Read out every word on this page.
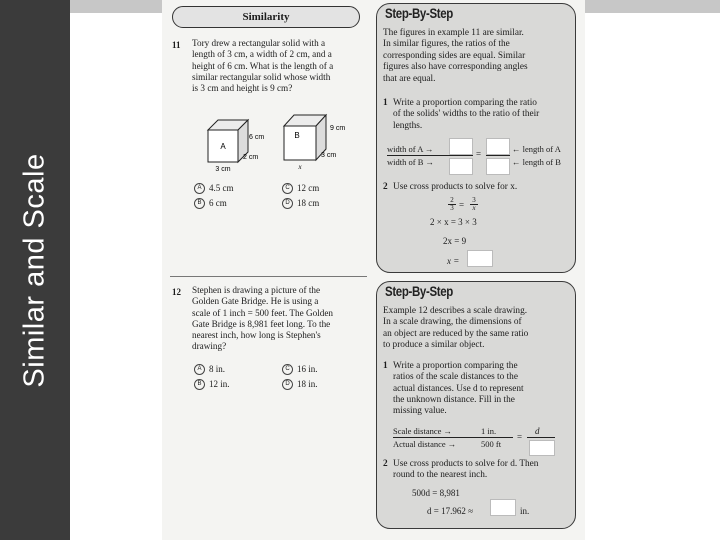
Similar and Scale
Similarity
11 Tory drew a rectangular solid with a
length of 3 cm, a width of 2 cm, and a
height of 6 cm. What is the length of a
similar rectangular solid whose width
is 3 cm and height is 9 cm?
A
6 cm
2 cm
3 cm
B
9 cm
3 cm
x
A 4.5 cm
B 6 cm
C 12 cm
D 18 cm
12 Stephen is drawing a picture of the
Golden Gate Bridge. He is using a
scale of 1 inch = 500 feet. The Golden
Gate Bridge is 8,981 feet long. To the
nearest inch, how long is Stephen's
drawing?
A 8 in.
B 12 in.
C 16 in.
D 18 in.
Step-By-Step
The figures in example 11 are similar.
In similar figures, the ratios of the
corresponding sides are equal. Similar
figures also have corresponding angles
that are equal.
1 Write a proportion comparing the ratio
of the solids' widths to the ratio of their
lengths.
width of A →
width of B →
=	← length of A
← length of B
2 Use cross products to solve for x.
$\frac{2}{3} = \frac{3}{x}$
2 × x = 3 × 3
2x = 9
x =
Step-By-Step
Example 12 describes a scale drawing.
In a scale drawing, the dimensions of
an object are reduced by the same ratio
to produce a similar object.
1 Write a proportion comparing the
ratios of the scale distances to the
actual distances. Use d to represent
the unknown distance. Fill in the
missing value.
Scale distance →
Actual distance →
1 in.
500 ft
=
d
2 Use cross products to solve for d. Then
round to the nearest inch.
500d = 8,981
d = 17.962 ≈	in.
